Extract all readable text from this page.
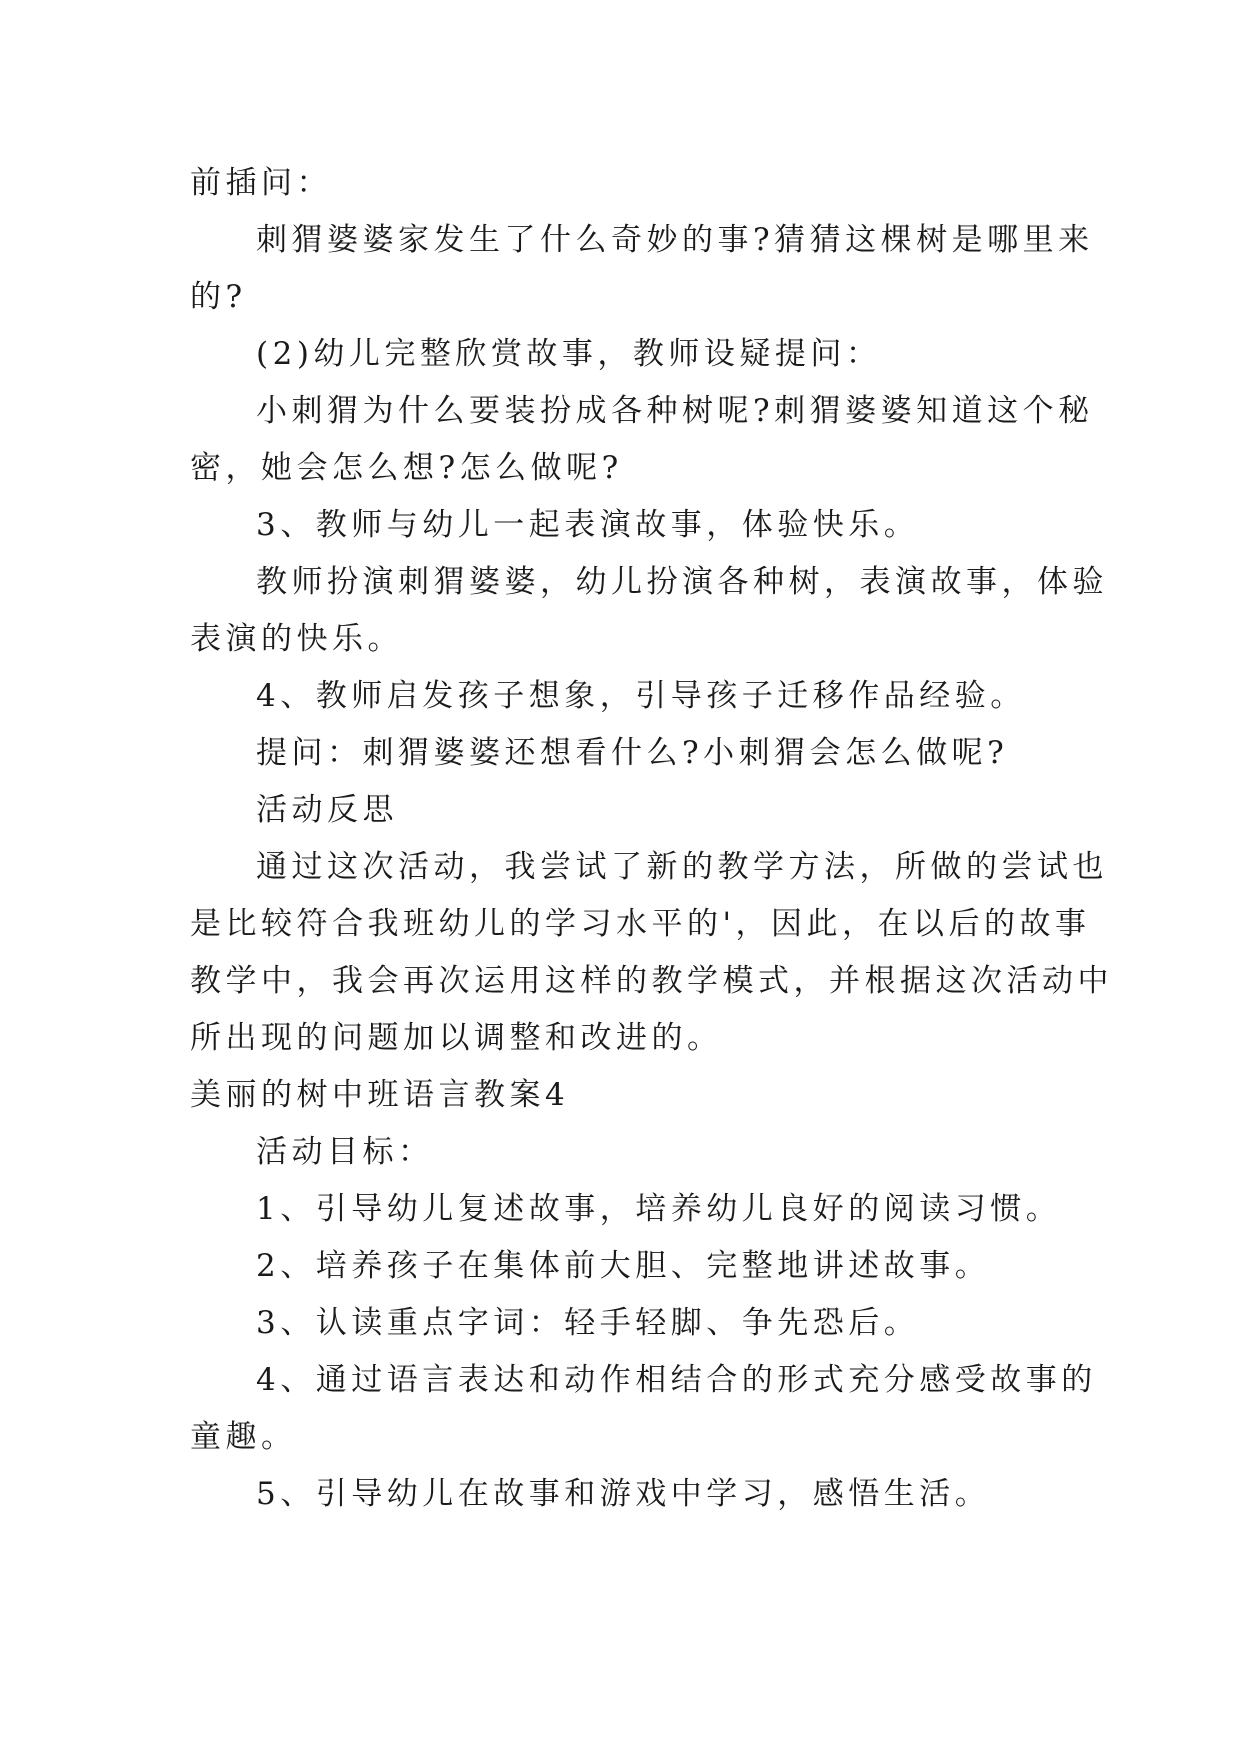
前插问：
刺猬婆婆家发生了什么奇妙的事?猜猜这棵树是哪里来
的?
(2)幼儿完整欣赏故事，教师设疑提问：
小刺猬为什么要装扮成各种树呢?刺猬婆婆知道这个秘
密，她会怎么想?怎么做呢?
3、教师与幼儿一起表演故事，体验快乐。
教师扮演刺猬婆婆，幼儿扮演各种树，表演故事，体验
表演的快乐。
4、教师启发孩子想象，引导孩子迁移作品经验。
提问：刺猬婆婆还想看什么?小刺猬会怎么做呢?
活动反思
通过这次活动，我尝试了新的教学方法，所做的尝试也
是比较符合我班幼儿的学习水平的'，因此，在以后的故事
教学中，我会再次运用这样的教学模式，并根据这次活动中
所出现的问题加以调整和改进的。
美丽的树中班语言教案4
活动目标：
1、引导幼儿复述故事，培养幼儿良好的阅读习惯。
2、培养孩子在集体前大胆、完整地讲述故事。
3、认读重点字词：轻手轻脚、争先恐后。
4、通过语言表达和动作相结合的形式充分感受故事的
童趣。
5、引导幼儿在故事和游戏中学习，感悟生活。
